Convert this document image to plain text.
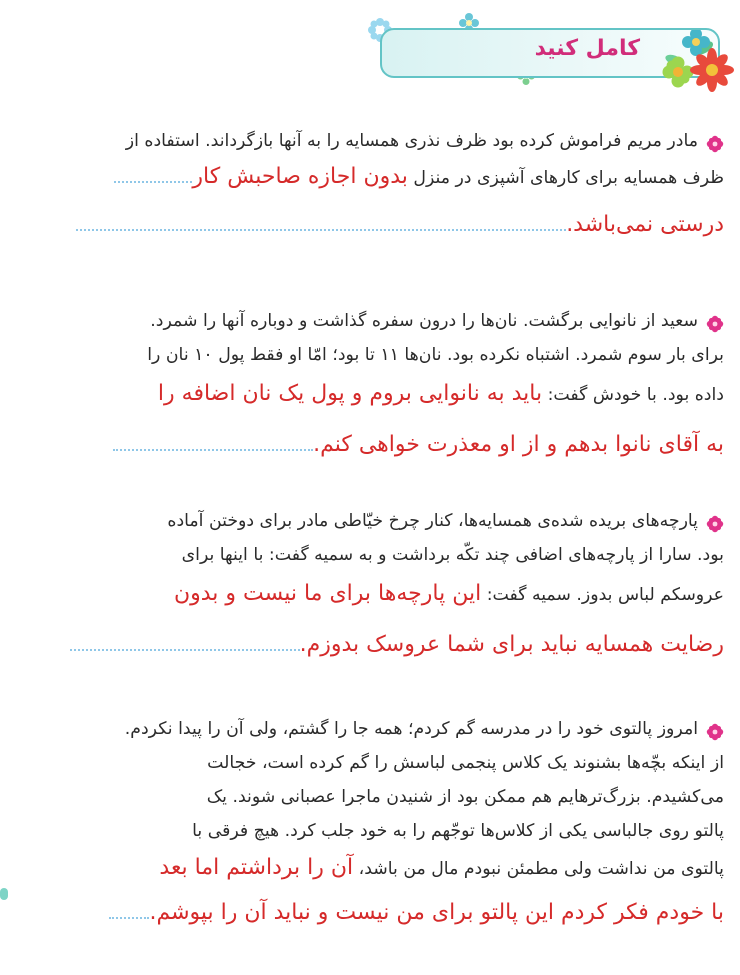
کامل کنید

مادر مریم فراموش کرده بود ظرف نذری همسایه را به آنها بازگرداند. استفاده از

ظرف همسایه برای کارهای آشپزی در منزل بدون اجازه صاحبش کار

درستی نمی‌باشد.

سعید از نانوایی برگشت. نان‌ها را درون سفره گذاشت و دوباره آنها را شمرد.

برای بار سوم شمرد. اشتباه نکرده بود. نان‌ها ۱۱ تا بود؛ امّا او فقط پول ۱۰ نان را

داده بود. با خودش گفت: باید به نانوایی بروم و پول یک نان اضافه را

به آقای نانوا بدهم و از او معذرت خواهی کنم.

پارچه‌های بریده شده‌ی همسایه‌ها، کنار چرخ خیّاطی مادر برای دوختن آماده

بود. سارا از پارچه‌های اضافی چند تکّه برداشت و به سمیه گفت: با اینها برای

عروسکم لباس بدوز. سمیه گفت: این پارچه‌ها برای ما نیست و بدون

رضایت همسایه نباید برای شما عروسک بدوزم.

امروز پالتوی خود را در مدرسه گم کردم؛ همه جا را گشتم، ولی آن را پیدا نکردم.

از اینکه بچّه‌ها بشنوند یک کلاس پنجمی لباسش را گم کرده است، خجالت

می‌کشیدم. بزرگ‌ترهایم هم ممکن بود از شنیدن ماجرا عصبانی شوند. یک

پالتو روی جالباسی یکی از کلاس‌ها توجّهم را به خود جلب کرد. هیچ فرقی با

پالتوی من نداشت ولی مطمئن نبودم مال من باشد، آن را برداشتم اما بعد

با خودم فکر کردم این پالتو برای من نیست و نباید آن را بپوشم.
